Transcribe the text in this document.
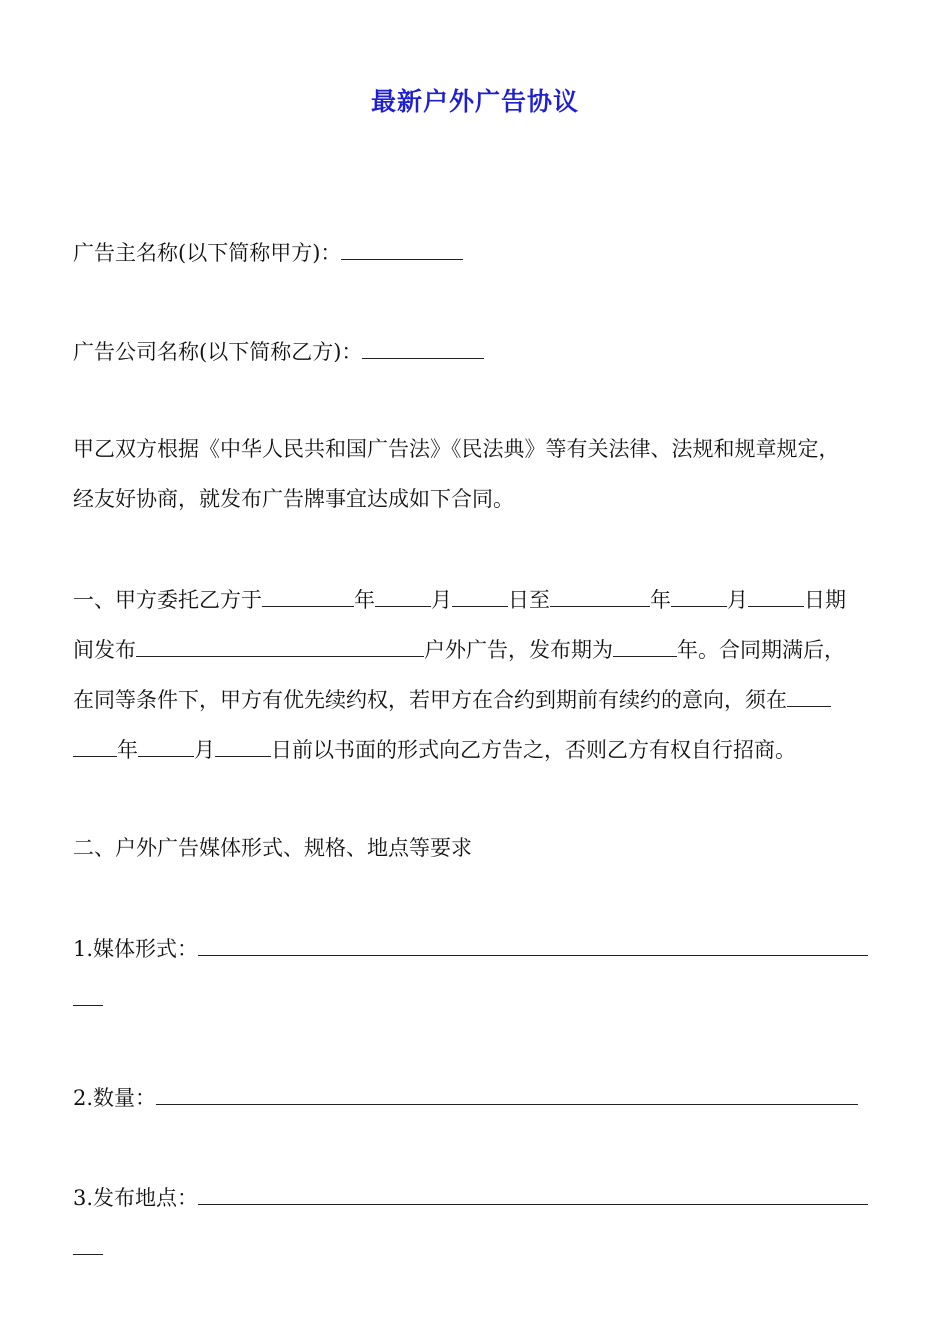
最新户外广告协议
广告主名称(以下简称甲方)：
广告公司名称(以下简称乙方)：
甲乙双方根据《中华人民共和国广告法》《民法典》等有关法律、法规和规章规定，
经友好协商，就发布广告牌事宜达成如下合同。
一、甲方委托乙方于	年	月	日至	年	月	日期
间发布	户外广告，发布期为	年。合同期满后，
在同等条件下，甲方有优先续约权，若甲方在合约到期前有续约的意向，须在
年	月	日前以书面的形式向乙方告之，否则乙方有权自行招商。
二、户外广告媒体形式、规格、地点等要求
1.媒体形式：
2.数量：
3.发布地点：
